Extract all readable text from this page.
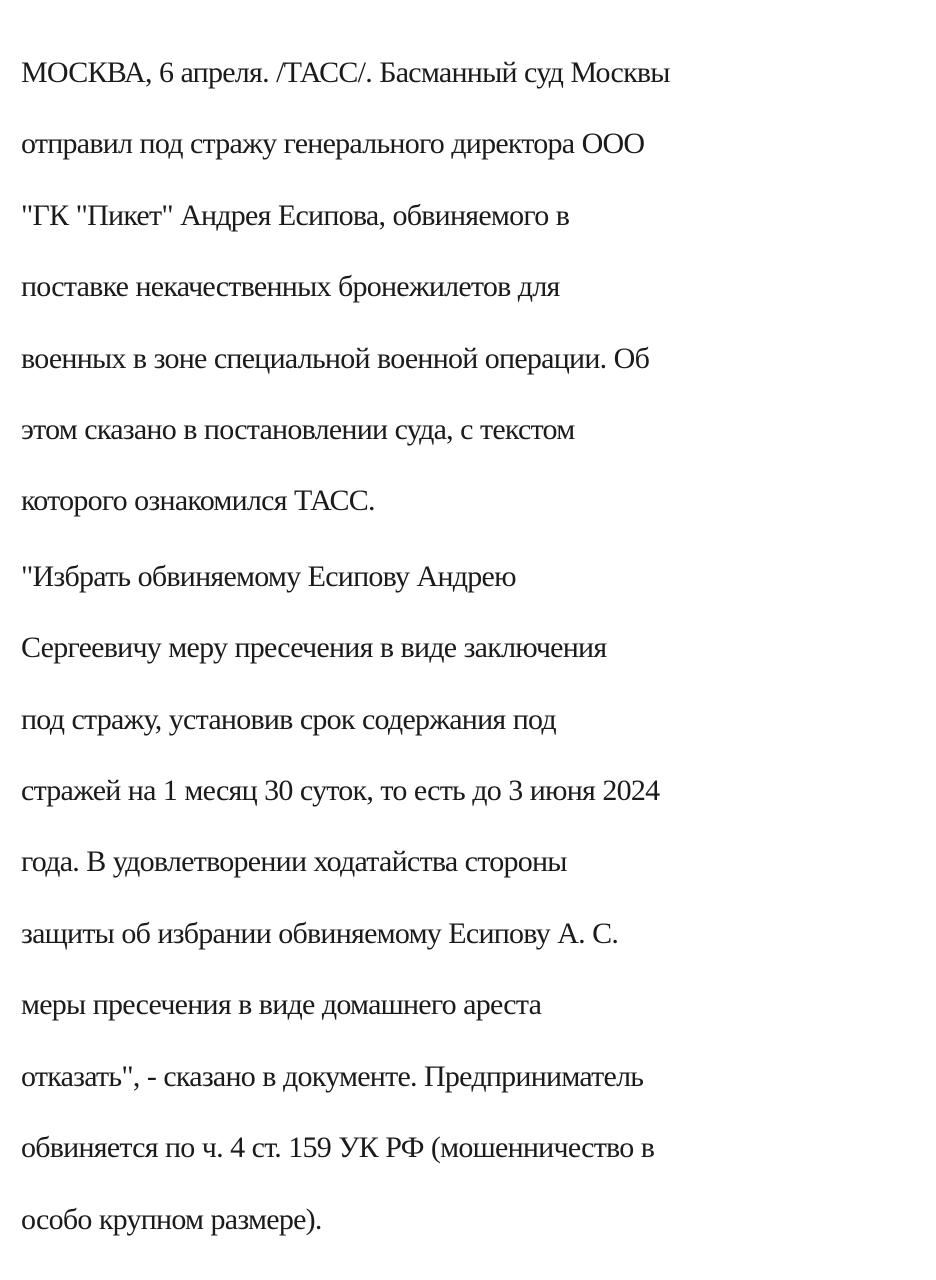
МОСКВА, 6 апреля. /ТАСС/. Басманный суд Москвы
отправил под стражу генерального директора ООО
"ГК "Пикет" Андрея Есипова, обвиняемого в
поставке некачественных бронежилетов для
военных в зоне специальной военной операции. Об
этом сказано в постановлении суда, с текстом
которого ознакомился ТАСС.

"Избрать обвиняемому Есипову Андрею
Сергеевичу меру пресечения в виде заключения
под стражу, установив срок содержания под
стражей на 1 месяц 30 суток, то есть до 3 июня 2024
года. В удовлетворении ходатайства стороны
защиты об избрании обвиняемому Есипову А. С.
меры пресечения в виде домашнего ареста
отказать", - сказано в документе. Предприниматель
обвиняется по ч. 4 ст. 159 УК РФ (мошенничество в
особо крупном размере).
